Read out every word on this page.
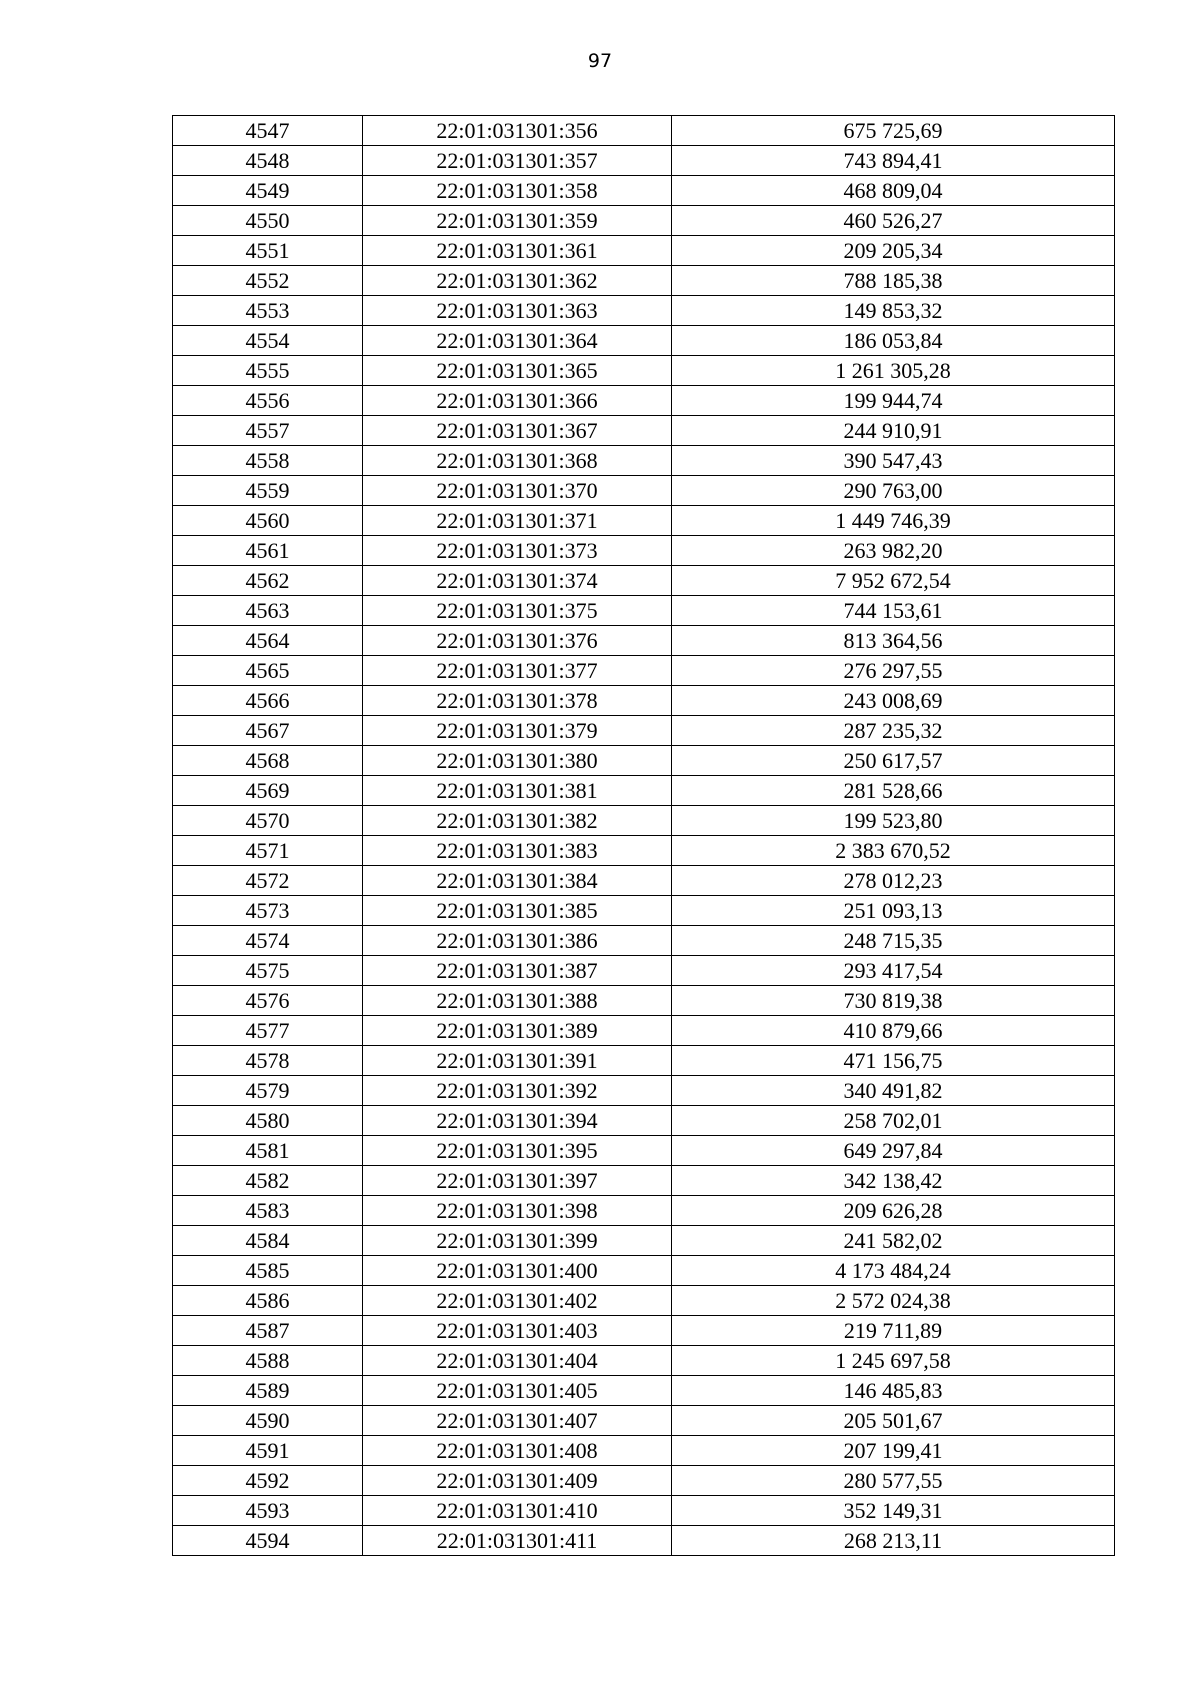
97
4547	22:01:031301:356	675 725,69
4548	22:01:031301:357	743 894,41
4549	22:01:031301:358	468 809,04
4550	22:01:031301:359	460 526,27
4551	22:01:031301:361	209 205,34
4552	22:01:031301:362	788 185,38
4553	22:01:031301:363	149 853,32
4554	22:01:031301:364	186 053,84
4555	22:01:031301:365	1 261 305,28
4556	22:01:031301:366	199 944,74
4557	22:01:031301:367	244 910,91
4558	22:01:031301:368	390 547,43
4559	22:01:031301:370	290 763,00
4560	22:01:031301:371	1 449 746,39
4561	22:01:031301:373	263 982,20
4562	22:01:031301:374	7 952 672,54
4563	22:01:031301:375	744 153,61
4564	22:01:031301:376	813 364,56
4565	22:01:031301:377	276 297,55
4566	22:01:031301:378	243 008,69
4567	22:01:031301:379	287 235,32
4568	22:01:031301:380	250 617,57
4569	22:01:031301:381	281 528,66
4570	22:01:031301:382	199 523,80
4571	22:01:031301:383	2 383 670,52
4572	22:01:031301:384	278 012,23
4573	22:01:031301:385	251 093,13
4574	22:01:031301:386	248 715,35
4575	22:01:031301:387	293 417,54
4576	22:01:031301:388	730 819,38
4577	22:01:031301:389	410 879,66
4578	22:01:031301:391	471 156,75
4579	22:01:031301:392	340 491,82
4580	22:01:031301:394	258 702,01
4581	22:01:031301:395	649 297,84
4582	22:01:031301:397	342 138,42
4583	22:01:031301:398	209 626,28
4584	22:01:031301:399	241 582,02
4585	22:01:031301:400	4 173 484,24
4586	22:01:031301:402	2 572 024,38
4587	22:01:031301:403	219 711,89
4588	22:01:031301:404	1 245 697,58
4589	22:01:031301:405	146 485,83
4590	22:01:031301:407	205 501,67
4591	22:01:031301:408	207 199,41
4592	22:01:031301:409	280 577,55
4593	22:01:031301:410	352 149,31
4594	22:01:031301:411	268 213,11
